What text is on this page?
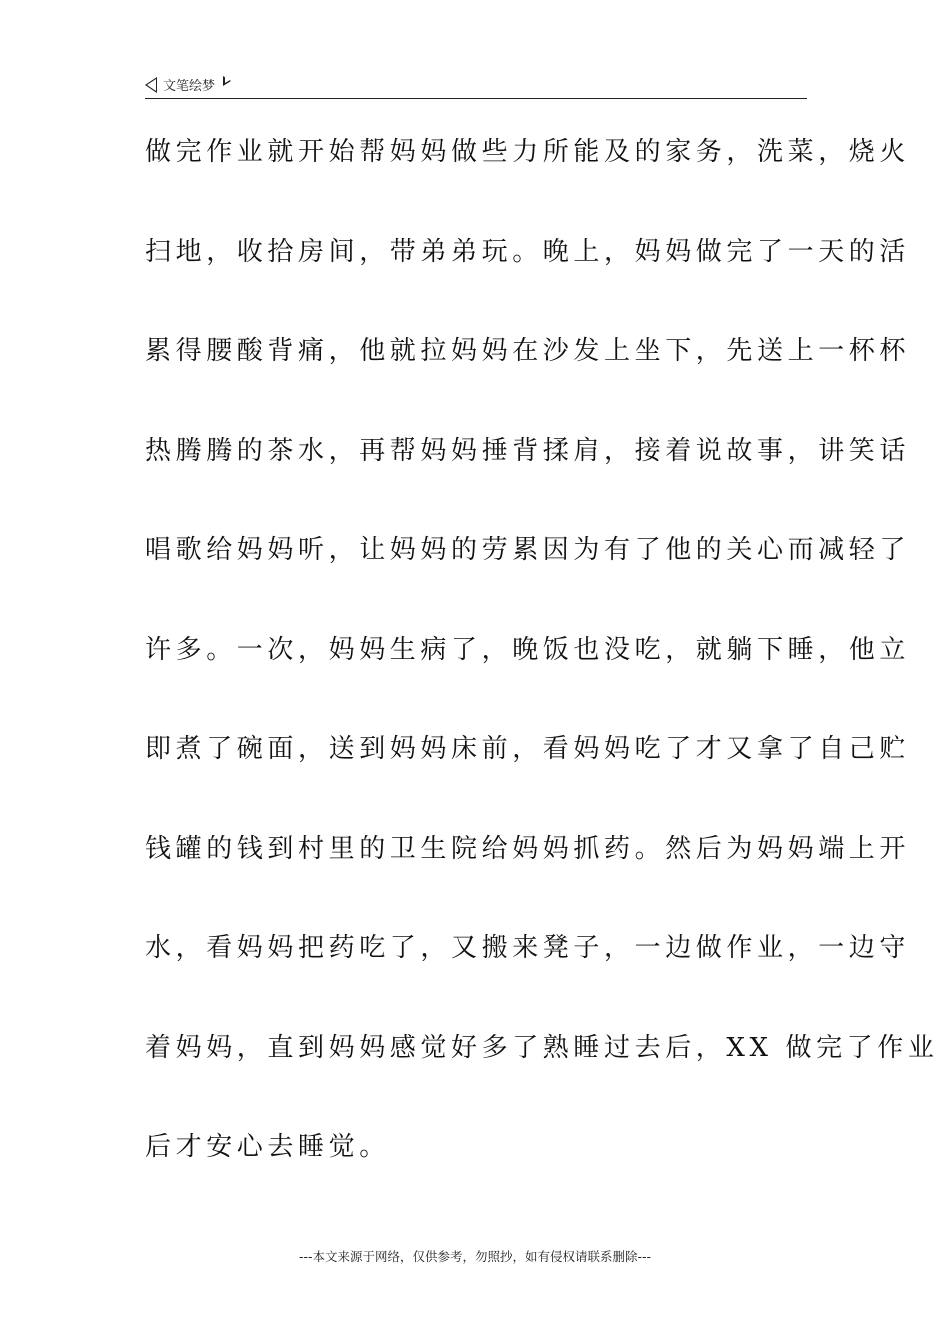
文笔绘梦
做完作业就开始帮妈妈做些力所能及的家务，洗菜，烧火
扫地，收拾房间，带弟弟玩。晚上，妈妈做完了一天的活
累得腰酸背痛，他就拉妈妈在沙发上坐下，先送上一杯杯
热腾腾的茶水，再帮妈妈捶背揉肩，接着说故事，讲笑话
唱歌给妈妈听，让妈妈的劳累因为有了他的关心而减轻了
许多。一次，妈妈生病了，晚饭也没吃，就躺下睡，他立
即煮了碗面，送到妈妈床前，看妈妈吃了才又拿了自己贮
钱罐的钱到村里的卫生院给妈妈抓药。然后为妈妈端上开
水，看妈妈把药吃了，又搬来凳子，一边做作业，一边守
着妈妈，直到妈妈感觉好多了熟睡过去后，XX 做完了作业
后才安心去睡觉。
---本文来源于网络，仅供参考，勿照抄，如有侵权请联系删除---
